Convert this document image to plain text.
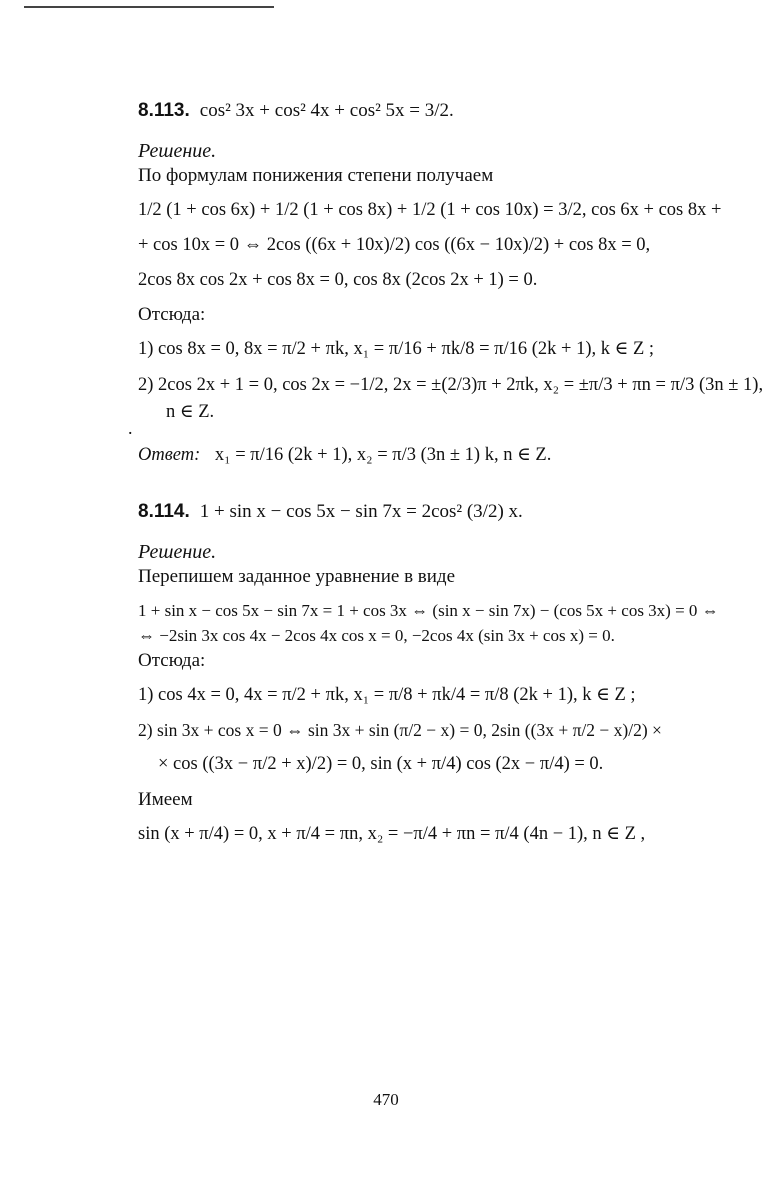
.
8.113. cos² 3x + cos² 4x + cos² 5x = 3/2.
Решение.
По формулам понижения степени получаем
1/2 (1 + cos 6x) + 1/2 (1 + cos 8x) + 1/2 (1 + cos 10x) = 3/2, cos 6x + cos 8x +
+ cos 10x = 0 ⇔ 2cos ((6x + 10x)/2) cos ((6x − 10x)/2) + cos 8x = 0,
2cos 8x cos 2x + cos 8x = 0, cos 8x (2cos 2x + 1) = 0.
Отсюда:
1) cos 8x = 0, 8x = π/2 + πk, x₁ = π/16 + πk/8 = π/16 (2k + 1), k ∈ Z ;
2) 2cos 2x + 1 = 0, cos 2x = −1/2, 2x = ±(2/3)π + 2πk, x₂ = ±π/3 + πn = π/3 (3n ± 1),
n ∈ Z.
Ответ: x₁ = π/16 (2k + 1), x₂ = π/3 (3n ± 1) k, n ∈ Z.
8.114. 1 + sin x − cos 5x − sin 7x = 2cos² (3/2) x.
Решение.
Перепишем заданное уравнение в виде
1 + sin x − cos 5x − sin 7x = 1 + cos 3x ⇔ (sin x − sin 7x) − (cos 5x + cos 3x) = 0 ⇔
⇔ −2sin 3x cos 4x − 2cos 4x cos x = 0, −2cos 4x (sin 3x + cos x) = 0.
Отсюда:
1) cos 4x = 0, 4x = π/2 + πk, x₁ = π/8 + πk/4 = π/8 (2k + 1), k ∈ Z ;
2) sin 3x + cos x = 0 ⇔ sin 3x + sin (π/2 − x) = 0, 2sin ((3x + π/2 − x)/2) ×
× cos ((3x − π/2 + x)/2) = 0, sin (x + π/4) cos (2x − π/4) = 0.
Имеем
sin (x + π/4) = 0, x + π/4 = πn, x₂ = −π/4 + πn = π/4 (4n − 1), n ∈ Z ,
470
